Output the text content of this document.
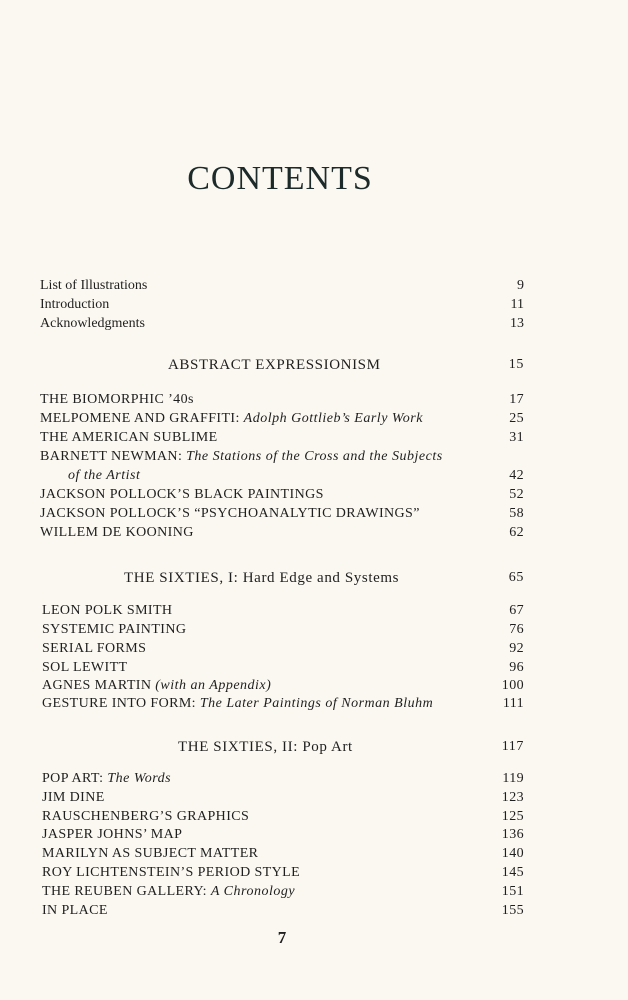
CONTENTS
List of Illustrations	9
Introduction	11
Acknowledgments	13
ABSTRACT EXPRESSIONISM	15
THE BIOMORPHIC ’40s	17
MELPOMENE AND GRAFFITI: Adolph Gottlieb’s Early Work	25
THE AMERICAN SUBLIME	31
BARNETT NEWMAN: The Stations of the Cross and the Subjects
of the Artist	42
JACKSON POLLOCK’S BLACK PAINTINGS	52
JACKSON POLLOCK’S “PSYCHOANALYTIC DRAWINGS”	58
WILLEM DE KOONING	62
THE SIXTIES, I: Hard Edge and Systems	65
LEON POLK SMITH	67
SYSTEMIC PAINTING	76
SERIAL FORMS	92
SOL LEWITT	96
AGNES MARTIN (with an Appendix)	100
GESTURE INTO FORM: The Later Paintings of Norman Bluhm	111
THE SIXTIES, II: Pop Art	117
POP ART: The Words	119
JIM DINE	123
RAUSCHENBERG’S GRAPHICS	125
JASPER JOHNS’ MAP	136
MARILYN AS SUBJECT MATTER	140
ROY LICHTENSTEIN’S PERIOD STYLE	145
THE REUBEN GALLERY: A Chronology	151
IN PLACE	155
7
